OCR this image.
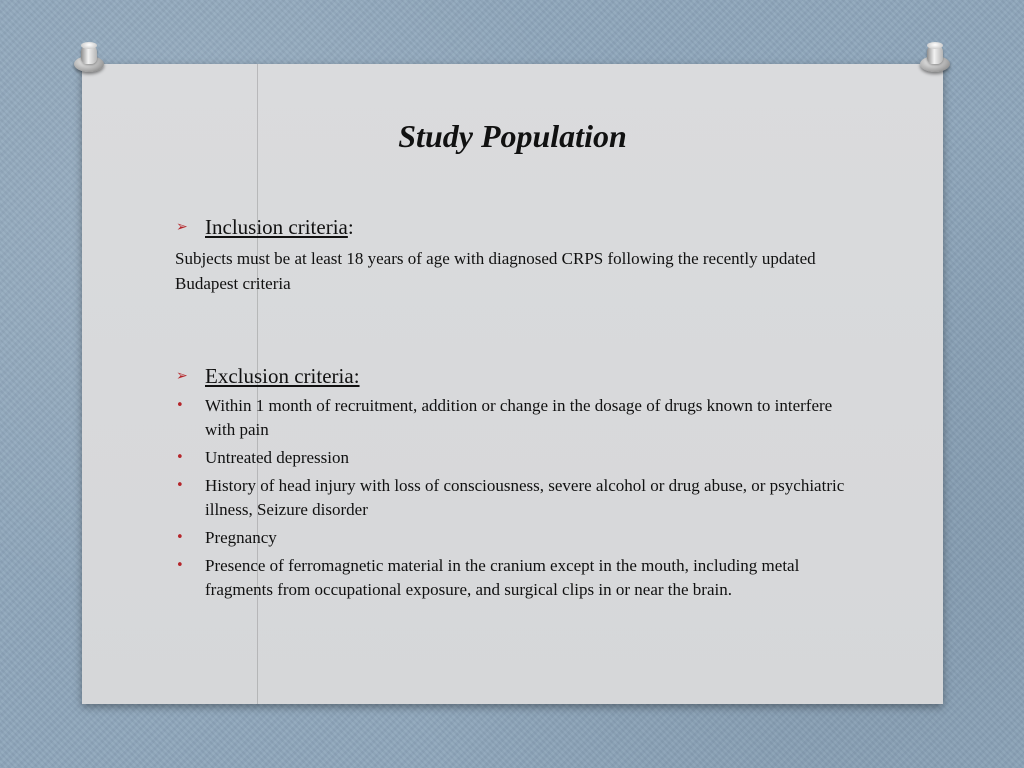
Study Population
➢ Inclusion criteria :

Subjects must be at least 18 years of age with diagnosed CRPS following the recently updated Budapest criteria

➢ Exclusion criteria:
• Within 1 month of recruitment, addition or change in the dosage of drugs known to interfere with pain
• Untreated depression
• History of head injury with loss of consciousness, severe alcohol or drug abuse, or psychiatric illness, Seizure disorder
• Pregnancy
• Presence of ferromagnetic material in the cranium except in the mouth, including metal fragments from occupational exposure, and surgical clips in or near the brain.
